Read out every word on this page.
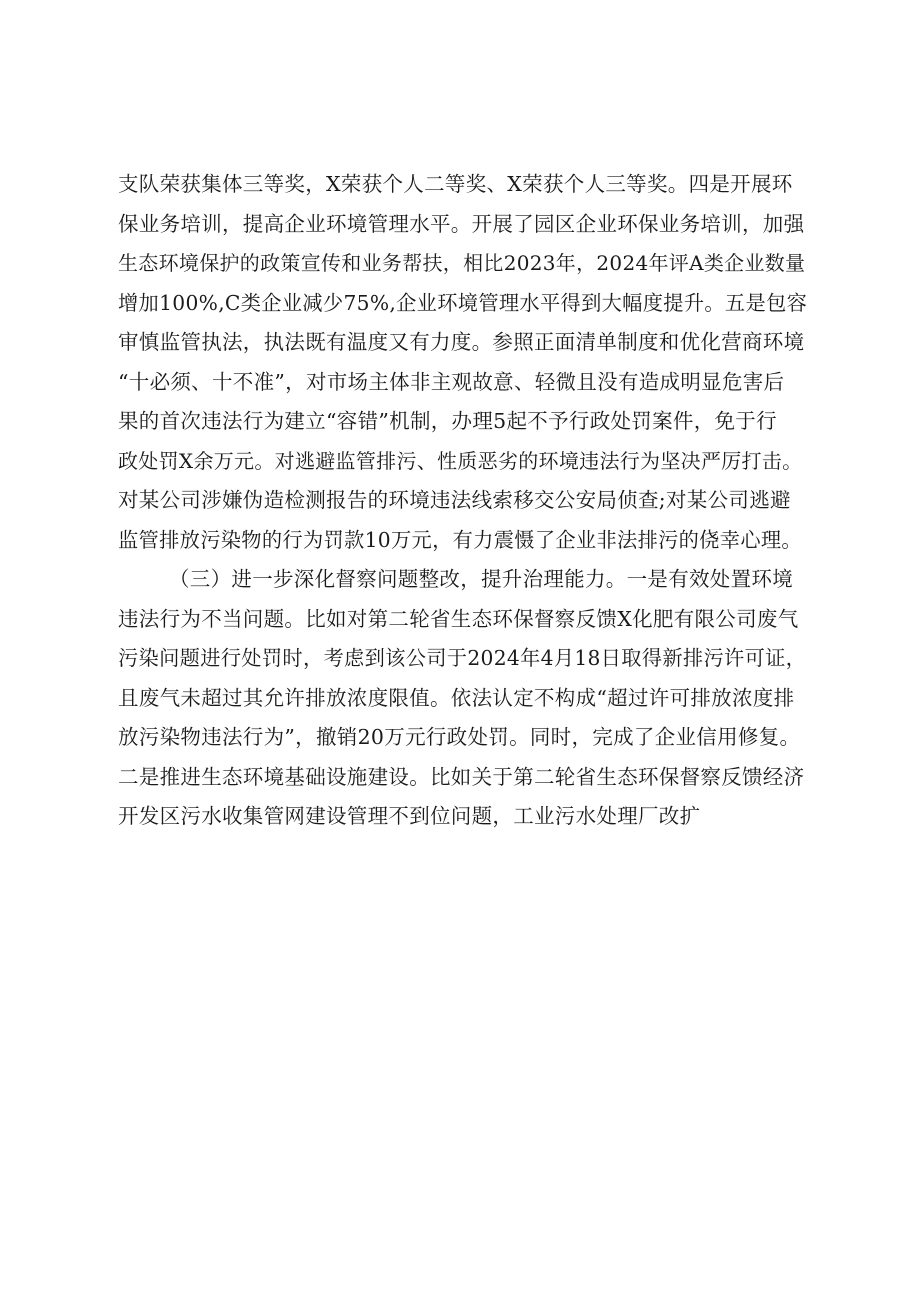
支队荣获集体三等奖，X荣获个人二等奖、X荣获个人三等奖。四是开展环
保业务培训，提高企业环境管理水平。开展了园区企业环保业务培训，加强
生态环境保护的政策宣传和业务帮扶，相比2023年，2024年评A类企业数量
增加100%,C类企业减少75%,企业环境管理水平得到大幅度提升。五是包容
审慎监管执法，执法既有温度又有力度。参照正面清单制度和优化营商环境
“十必须、十不准”，对市场主体非主观故意、轻微且没有造成明显危害后
果的首次违法行为建立“容错”机制，办理5起不予行政处罚案件，免于行
政处罚X余万元。对逃避监管排污、性质恶劣的环境违法行为坚决严厉打击。
对某公司涉嫌伪造检测报告的环境违法线索移交公安局侦查;对某公司逃避
监管排放污染物的行为罚款10万元，有力震慑了企业非法排污的侥幸心理。
（三）进一步深化督察问题整改，提升治理能力。一是有效处置环境
违法行为不当问题。比如对第二轮省生态环保督察反馈X化肥有限公司废气
污染问题进行处罚时，考虑到该公司于2024年4月18日取得新排污许可证，
且废气未超过其允许排放浓度限值。依法认定不构成“超过许可排放浓度排
放污染物违法行为”，撤销20万元行政处罚。同时，完成了企业信用修复。
二是推进生态环境基础设施建设。比如关于第二轮省生态环保督察反馈经济
开发区污水收集管网建设管理不到位问题，工业污水处理厂改扩
